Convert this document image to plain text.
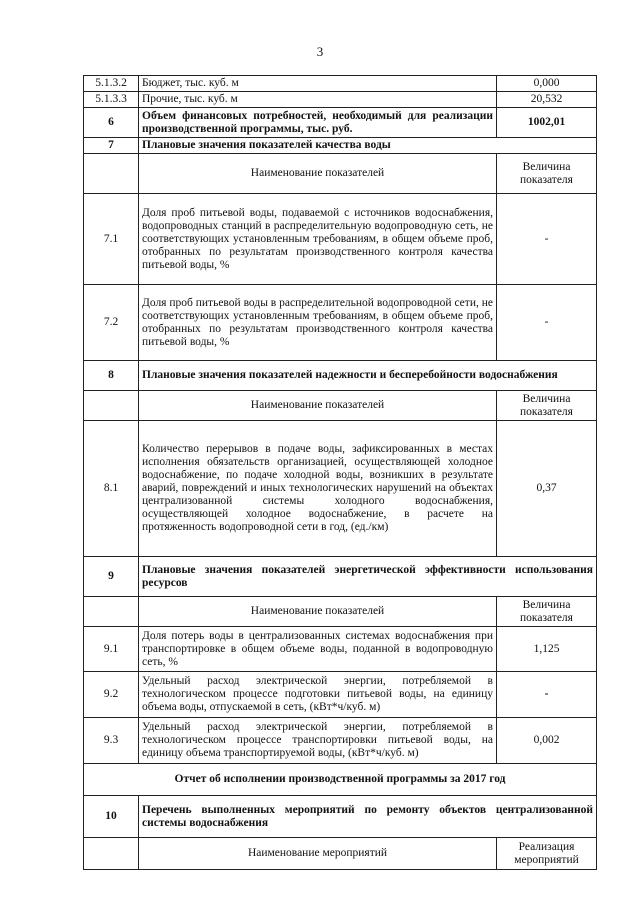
3
5.1.3.2	Бюджет, тыс. куб. м	0,000
5.1.3.3	Прочие, тыс. куб. м	20,532
6	Объем финансовых потребностей, необходимый для реализации производственной программы, тыс. руб.	1002,01
7	Плановые значения показателей качества воды	
	Наименование показателей	Величина показателя
7.1	Доля проб питьевой воды, подаваемой с источников водоснабжения, водопроводных станций в распределительную водопроводную сеть, не соответствующих установленным требованиям, в общем объеме проб, отобранных по результатам производственного контроля качества питьевой воды, %	-
7.2	Доля проб питьевой воды в распределительной водопроводной сети, не соответствующих установленным требованиям, в общем объеме проб, отобранных по результатам производственного контроля качества питьевой воды, %	-
8	Плановые значения показателей надежности и бесперебойности водоснабжения	
	Наименование показателей	Величина показателя
8.1	Количество перерывов в подаче воды, зафиксированных в местах исполнения обязательств организацией, осуществляющей холодное водоснабжение, по подаче холодной воды, возникших в результате аварий, повреждений и иных технологических нарушений на объектах централизованной системы холодного водоснабжения, осуществляющей холодное водоснабжение, в расчете на протяженность водопроводной сети в год, (ед./км)	0,37
9	Плановые значения показателей энергетической эффективности использования ресурсов	
	Наименование показателей	Величина показателя
9.1	Доля потерь воды в централизованных системах водоснабжения при транспортировке в общем объеме воды, поданной в водопроводную сеть, %	1,125
9.2	Удельный расход электрической энергии, потребляемой в технологическом процессе подготовки питьевой воды, на единицу объема воды, отпускаемой в сеть, (кВт*ч/куб. м)	-
9.3	Удельный расход электрической энергии, потребляемой в технологическом процессе транспортировки питьевой воды, на единицу объема транспортируемой воды, (кВт*ч/куб. м)	0,002
Отчет об исполнении производственной программы за 2017 год		
10	Перечень выполненных мероприятий по ремонту объектов централизованной системы водоснабжения	
	Наименование мероприятий	Реализация мероприятий
